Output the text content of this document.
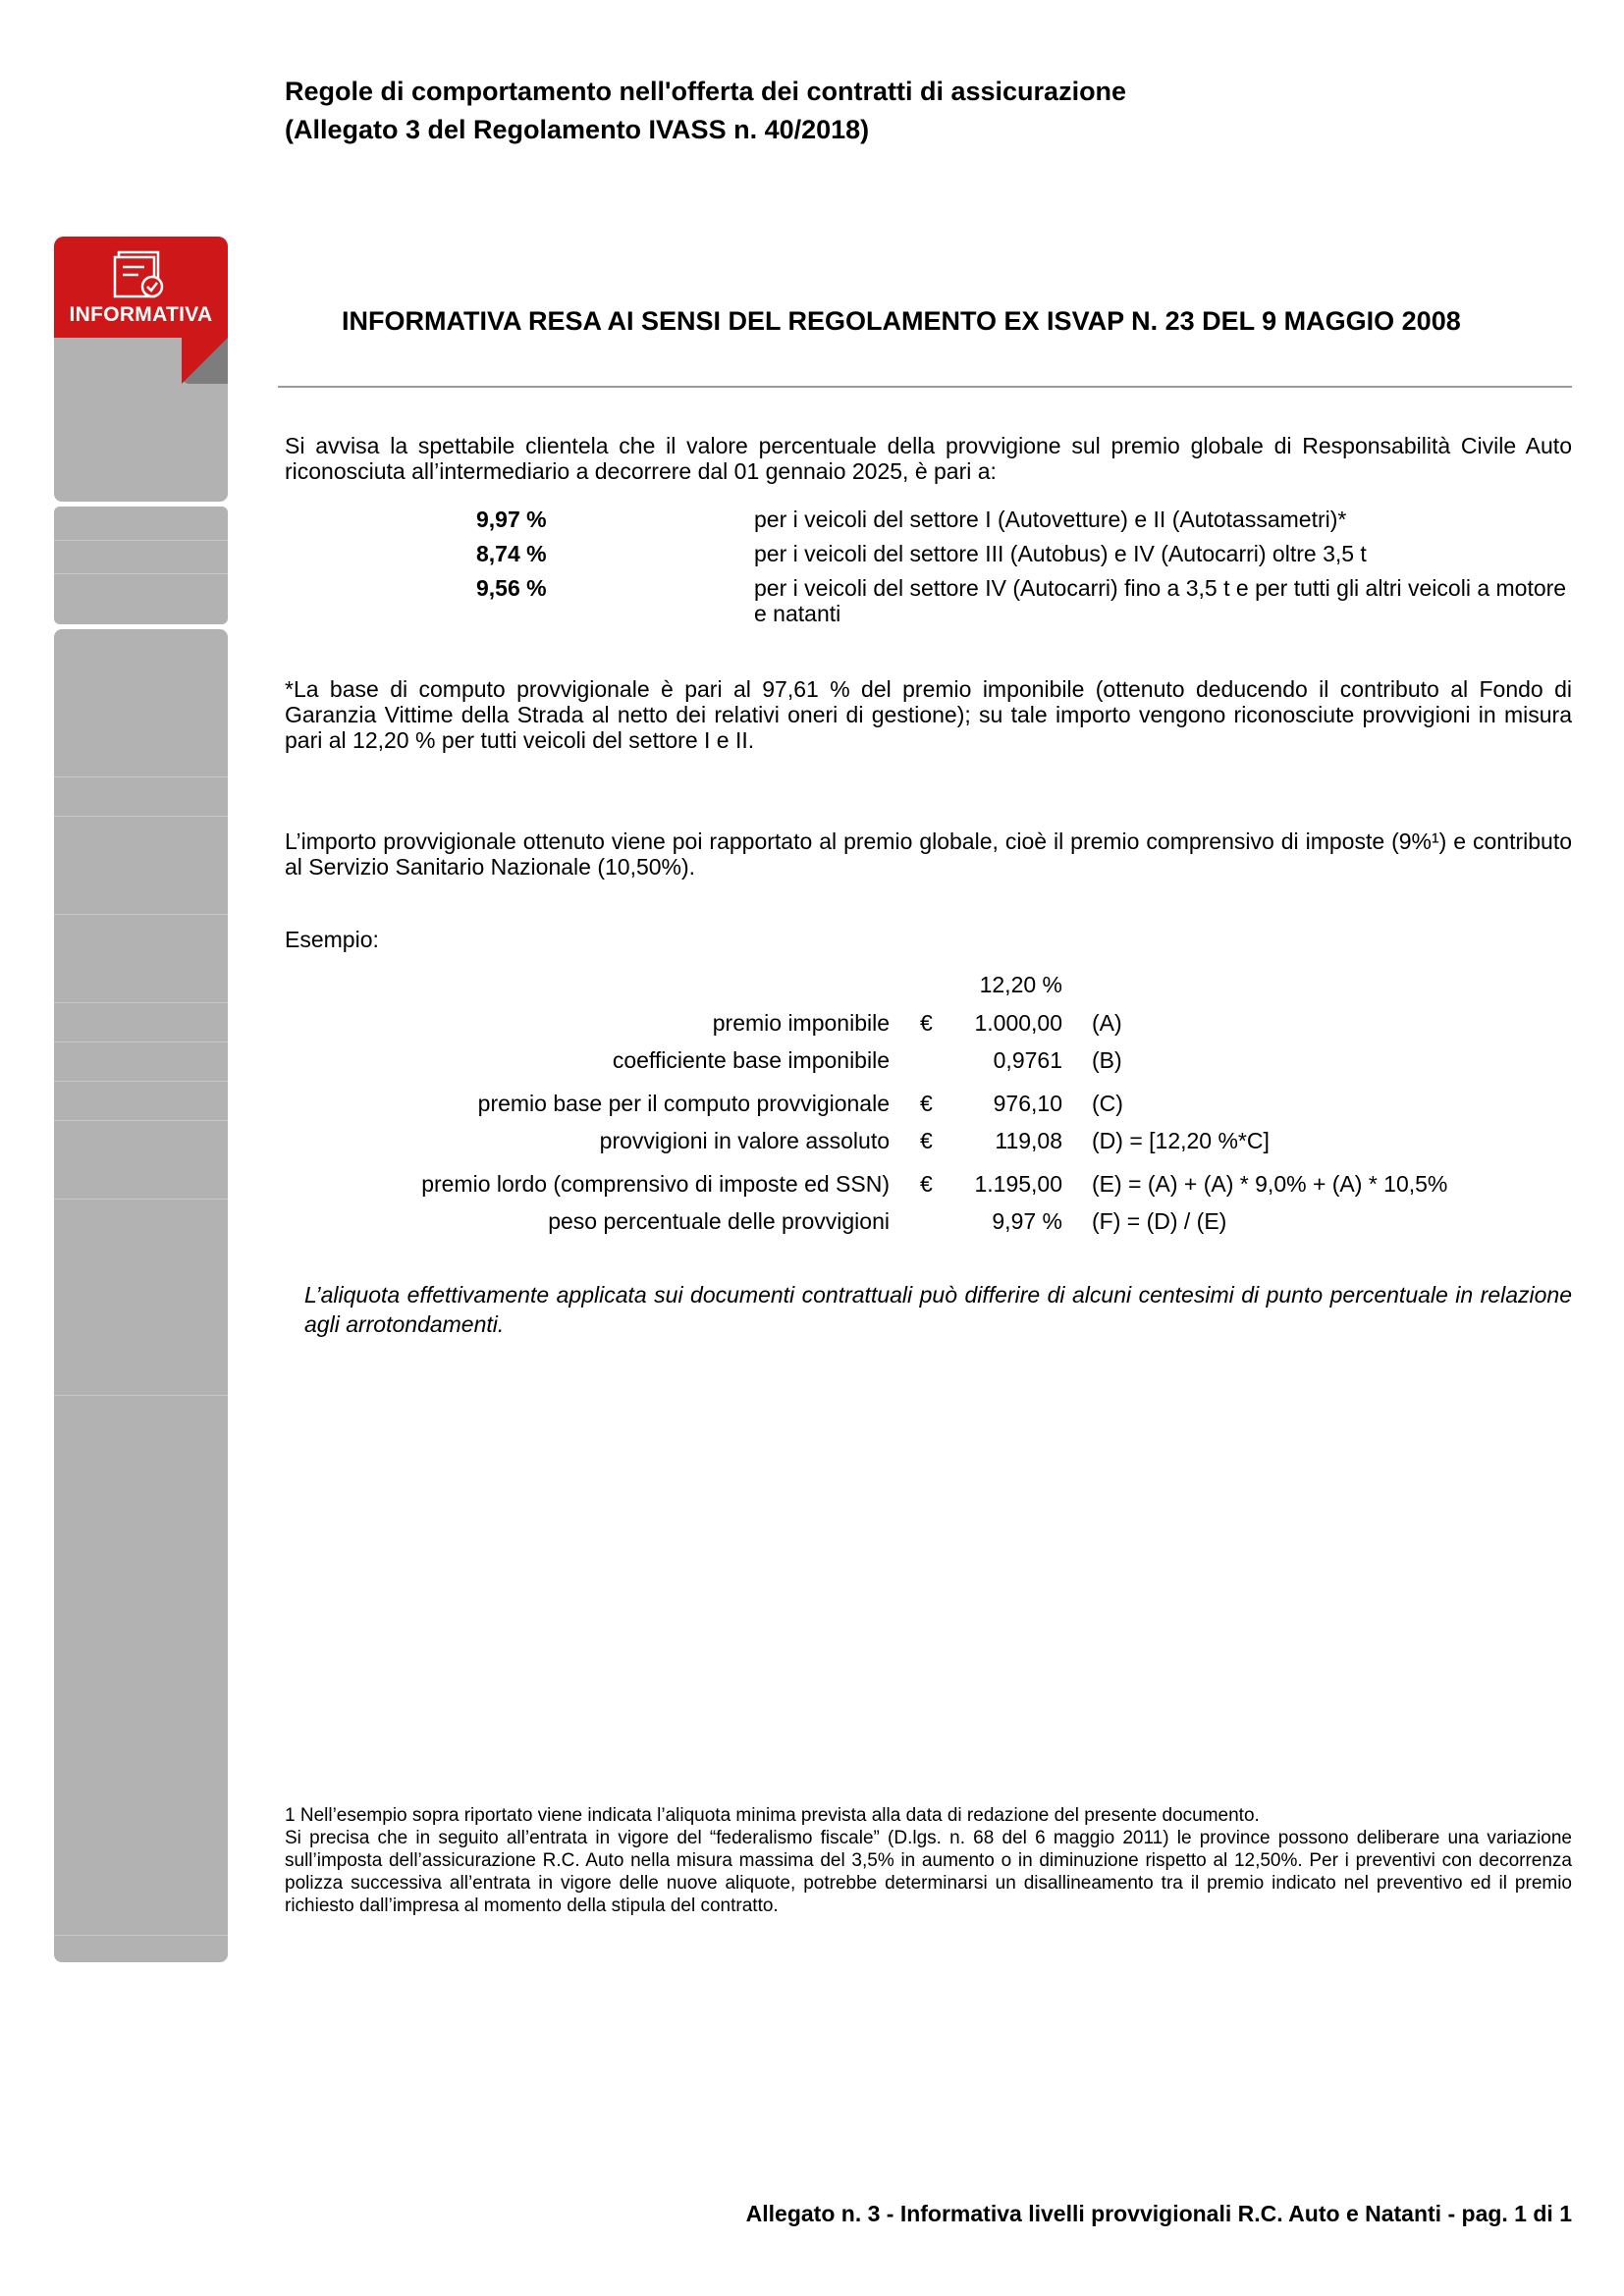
Regole di comportamento nell'offerta dei contratti di assicurazione
(Allegato 3 del Regolamento IVASS n. 40/2018)
INFORMATIVA	INFORMATIVA RESA AI SENSI DEL REGOLAMENTO EX ISVAP N. 23 DEL 9 MAGGIO 2008
Si avvisa la spettabile clientela che il valore percentuale della provvigione sul premio globale di Responsabilità Civile Auto riconosciuta all’intermediario a decorrere dal 01 gennaio 2025, è pari a:
9,97 %	per i veicoli del settore I (Autovetture) e II (Autotassametri)*
8,74 %	per i veicoli del settore III (Autobus) e IV (Autocarri) oltre 3,5 t
9,56 %	per i veicoli del settore IV (Autocarri) fino a 3,5 t e per tutti gli altri veicoli a motore e natanti
*La base di computo provvigionale è pari al 97,61 % del premio imponibile (ottenuto deducendo il contributo al Fondo di Garanzia Vittime della Strada al netto dei relativi oneri di gestione); su tale importo vengono riconosciute provvigioni in misura pari al 12,20 % per tutti veicoli del settore I e II.
L’importo provvigionale ottenuto viene poi rapportato al premio globale, cioè il premio comprensivo di imposte (9%¹) e contributo al Servizio Sanitario Nazionale (10,50%).
Esempio:
12,20 %
premio imponibile €	1.000,00 (A)
coefficiente base imponibile	0,9761 (B)
premio base per il computo provvigionale €	976,10 (C)
provvigioni in valore assoluto €	119,08 (D) = [12,20 %*C]
premio lordo (comprensivo di imposte ed SSN) €	1.195,00 (E) = (A) + (A) * 9,0% + (A) * 10,5%
peso percentuale delle provvigioni	9,97 % (F) = (D) / (E)
L’aliquota effettivamente applicata sui documenti contrattuali può differire di alcuni centesimi di punto percentuale in relazione agli arrotondamenti.

1 Nell’esempio sopra riportato viene indicata l’aliquota minima prevista alla data di redazione del presente documento.

Si precisa che in seguito all’entrata in vigore del “federalismo fiscale” (D.lgs. n. 68 del 6 maggio 2011) le province possono deliberare una variazione sull’imposta dell’assicurazione R.C. Auto nella misura massima del 3,5% in aumento o in diminuzione rispetto al 12,50%. Per i preventivi con decorrenza polizza successiva all’entrata in vigore delle nuove aliquote, potrebbe determinarsi un disallineamento tra il premio indicato nel preventivo ed il premio richiesto dall’impresa al momento della stipula del contratto.

Allegato n. 3 - Informativa livelli provvigionali R.C. Auto e Natanti - pag. 1 di 1
